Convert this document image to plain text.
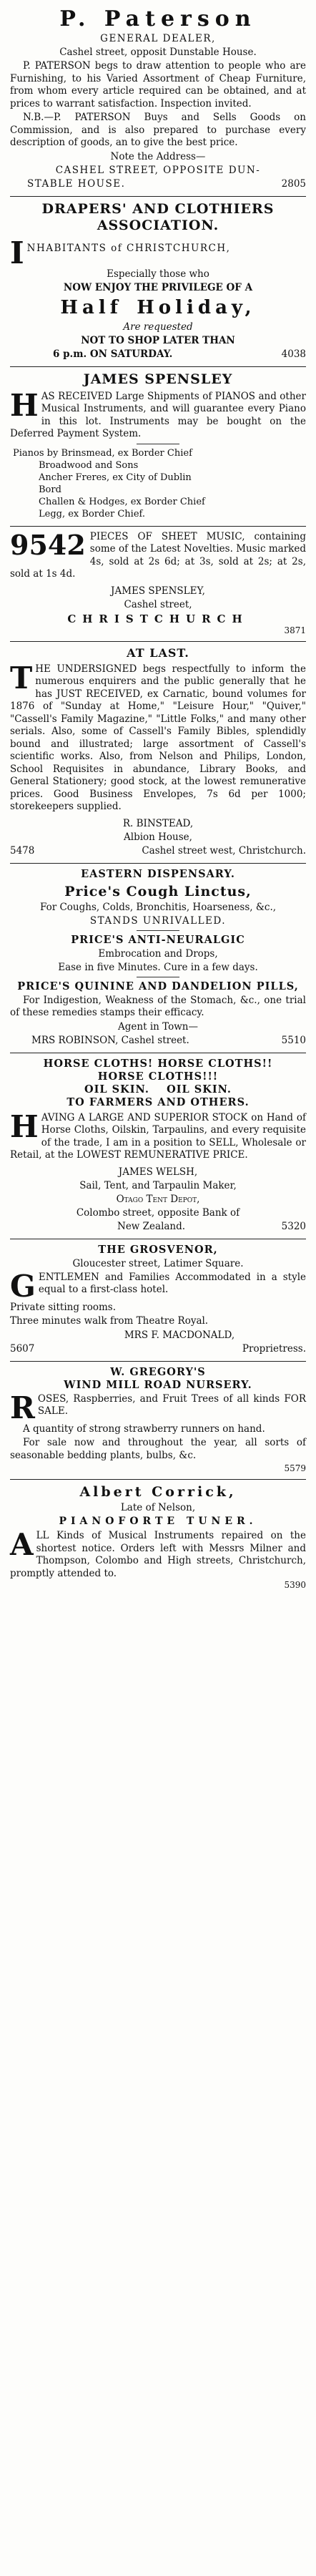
P. Paterson
GENERAL DEALER,
Cashel street, opposit Dunstable House.

P. PATERSON begs to draw attention to people who are Furnishing, to his Varied Assortment of Cheap Furniture, from whom every article required can be obtained, and at prices to warrant satisfaction. Inspection invited.

N.B.—P. PATERSON Buys and Sells Goods on Commission, and is also prepared to purchase every description of goods, an to give the best price.

Note the Address—
CASHEL STREET, OPPOSITE DUN-
STABLE HOUSE.	2805
DRAPERS' AND CLOTHIERS ASSOCIATION.
I NHABITANTS of CHRISTCHURCH,
Especially those who
NOW ENJOY THE PRIVILEGE OF A
Half Holiday,
Are requested
NOT TO SHOP LATER THAN
6 p.m. ON SATURDAY.	4038
JAMES SPENSLEY
H AS RECEIVED Large Shipments of PIANOS and other Musical Instruments, and will guarantee every Piano in this lot. Instruments may be bought on the Deferred Payment System.

Pianos by Brinsmead, ex Border Chief
Broadwood and Sons
Ancher Freres, ex City of Dublin
Bord
Challen & Hodges, ex Border Chief
Legg, ex Border Chief.
9542 PIECES OF SHEET MUSIC, containing some of the Latest Novelties. Music marked 4s, sold at 2s 6d; at 3s, sold at 2s; at 2s, sold at 1s 4d.

JAMES SPENSLEY,
Cashel street,
CHRISTCHURCH
3871
AT LAST.
T HE UNDERSIGNED begs respectfully to inform the numerous enquirers and the public generally that he has JUST RECEIVED, ex Carnatic, bound volumes for 1876 of "Sunday at Home," "Leisure Hour," "Quiver," "Cassell's Family Magazine," "Little Folks," and many other serials. Also, some of Cassell's Family Bibles, splendidly bound and illustrated; large assortment of Cassell's scientific works. Also, from Nelson and Philips, London, School Requisites in abundance, Library Books, and General Stationery; good stock, at the lowest remunerative prices. Good Business Envelopes, 7s 6d per 1000; storekeepers supplied.

R. BINSTEAD,
Albion House,
5478	Cashel street west, Christchurch.
EASTERN DISPENSARY.
Price's Cough Linctus,
For Coughs, Colds, Bronchitis, Hoarseness, &c.,
STANDS UNRIVALLED.
PRICE'S ANTI-NEURALGIC
Embrocation and Drops,
Ease in five Minutes. Cure in a few days.
PRICE'S QUININE AND DANDELION PILLS,

For Indigestion, Weakness of the Stomach, &c., one trial of these remedies stamps their efficacy.

Agent in Town—
MRS ROBINSON, Cashel street.	5510
HORSE CLOTHS! HORSE CLOTHS!!
HORSE CLOTHS!!!
OIL SKIN.    OIL SKIN.
TO FARMERS AND OTHERS.
H AVING A LARGE AND SUPERIOR STOCK on Hand of Horse Cloths, Oilskin, Tarpaulins, and every requisite of the trade, I am in a position to SELL, Wholesale or Retail, at the LOWEST REMUNERATIVE PRICE.

JAMES WELSH,
Sail, Tent, and Tarpaulin Maker,
Otago Tent Depot,
Colombo street, opposite Bank of
New Zealand.	5320
THE GROSVENOR,
Gloucester street, Latimer Square.
G ENTLEMEN and Families Accommodated in a style equal to a first-class hotel.

Private sitting rooms.
Three minutes walk from Theatre Royal.
MRS F. MACDONALD,
5607	Proprietress.
W. GREGORY'S
WIND MILL ROAD NURSERY.
R OSES, Raspberries, and Fruit Trees of all kinds FOR SALE.

A quantity of strong strawberry runners on hand.

For sale now and throughout the year, all sorts of seasonable bedding plants, bulbs, &c.

5579
Albert Corrick,
Late of Nelson,
PIANOFORTE TUNER.
A LL Kinds of Musical Instruments repaired on the shortest notice. Orders left with Messrs Milner and Thompson, Colombo and High streets, Christchurch, promptly attended to.

5390
